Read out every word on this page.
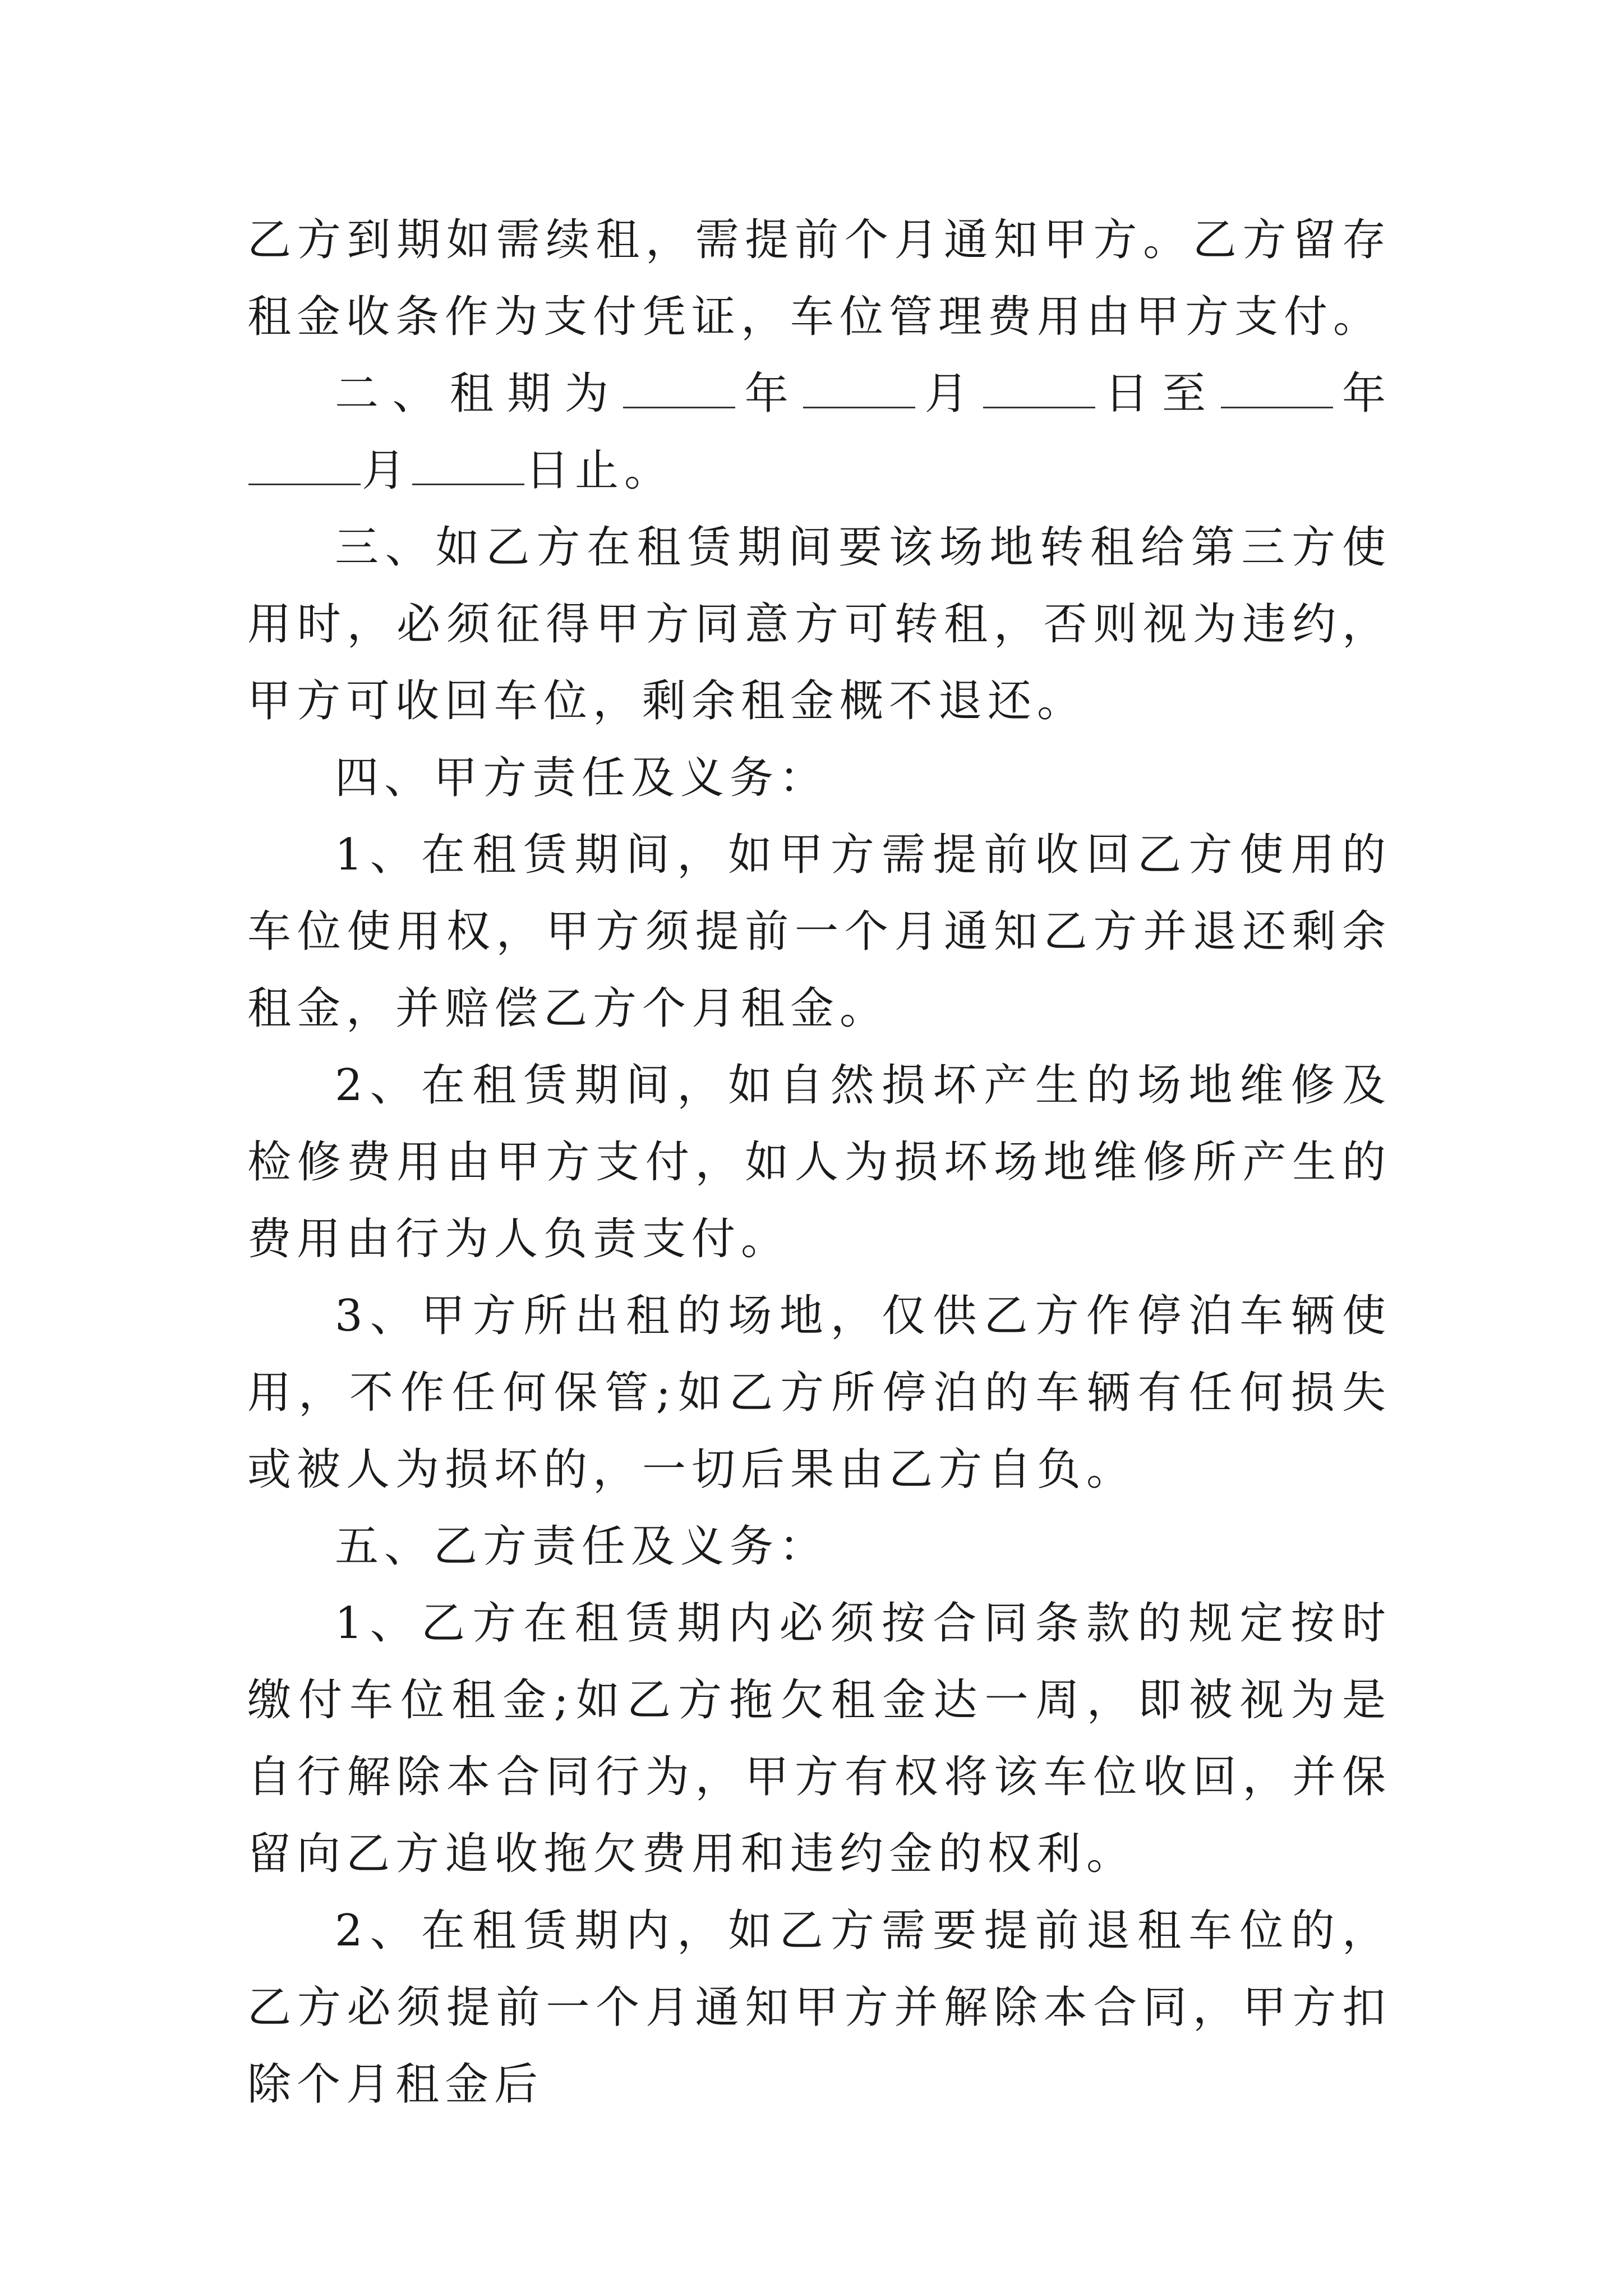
乙方到期如需续租，需提前个月通知甲方。乙方留存租金收条作为支付凭证，车位管理费用由甲方支付。

二、租期为	年	月	日至	年月	日止。

三、如乙方在租赁期间要该场地转租给第三方使用时，必须征得甲方同意方可转租，否则视为违约，甲方可收回车位，剩余租金概不退还。

四、甲方责任及义务：

1、在租赁期间，如甲方需提前收回乙方使用的车位使用权，甲方须提前一个月通知乙方并退还剩余租金，并赔偿乙方个月租金。

2、在租赁期间，如自然损坏产生的场地维修及检修费用由甲方支付，如人为损坏场地维修所产生的费用由行为人负责支付。

3、甲方所出租的场地，仅供乙方作停泊车辆使用，不作任何保管;如乙方所停泊的车辆有任何损失或被人为损坏的，一切后果由乙方自负。

五、乙方责任及义务：

1、乙方在租赁期内必须按合同条款的规定按时缴付车位租金;如乙方拖欠租金达一周，即被视为是自行解除本合同行为，甲方有权将该车位收回，并保留向乙方追收拖欠费用和违约金的权利。

2、在租赁期内，如乙方需要提前退租车位的，乙方必须提前一个月通知甲方并解除本合同，甲方扣除个月租金后
